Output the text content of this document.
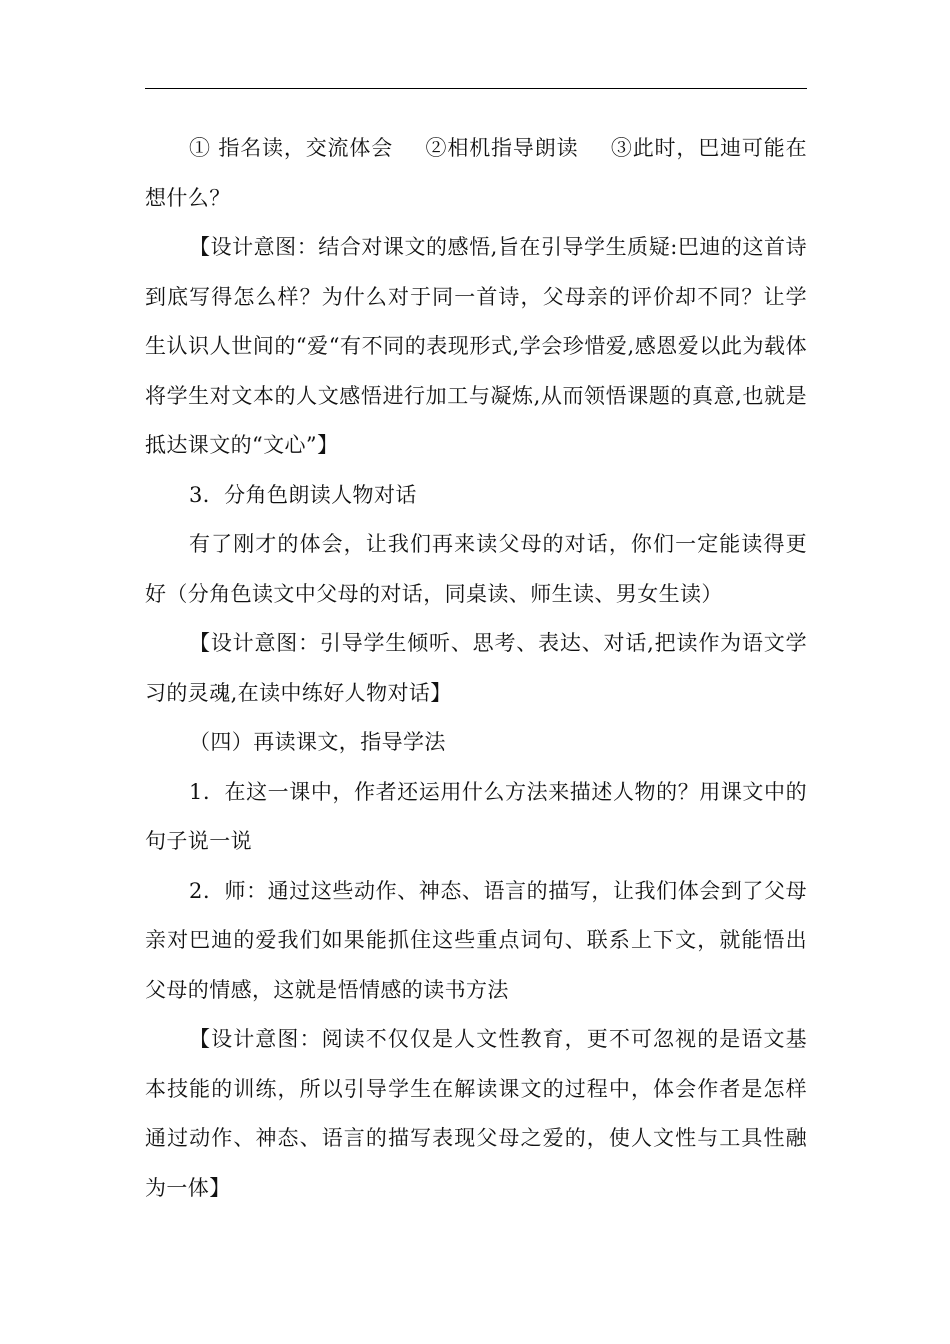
① 指名读，交流体会 ②相机指导朗读 ③此时，巴迪可能在想什么？

【设计意图：结合对课文的感悟,旨在引导学生质疑:巴迪的这首诗到底写得怎么样？为什么对于同一首诗，父母亲的评价却不同？让学生认识人世间的“爱“有不同的表现形式,学会珍惜爱,感恩爱以此为载体将学生对文本的人文感悟进行加工与凝炼,从而领悟课题的真意,也就是抵达课文的“文心”】

3．分角色朗读人物对话

有了刚才的体会，让我们再来读父母的对话，你们一定能读得更好（分角色读文中父母的对话，同桌读、师生读、男女生读）

【设计意图：引导学生倾听、思考、表达、对话,把读作为语文学习的灵魂,在读中练好人物对话】

（四）再读课文，指导学法

1．在这一课中，作者还运用什么方法来描述人物的？用课文中的句子说一说

2．师：通过这些动作、神态、语言的描写，让我们体会到了父母亲对巴迪的爱我们如果能抓住这些重点词句、联系上下文，就能悟出父母的情感，这就是悟情感的读书方法

【设计意图：阅读不仅仅是人文性教育，更不可忽视的是语文基本技能的训练，所以引导学生在解读课文的过程中，体会作者是怎样通过动作、神态、语言的描写表现父母之爱的，使人文性与工具性融为一体】
